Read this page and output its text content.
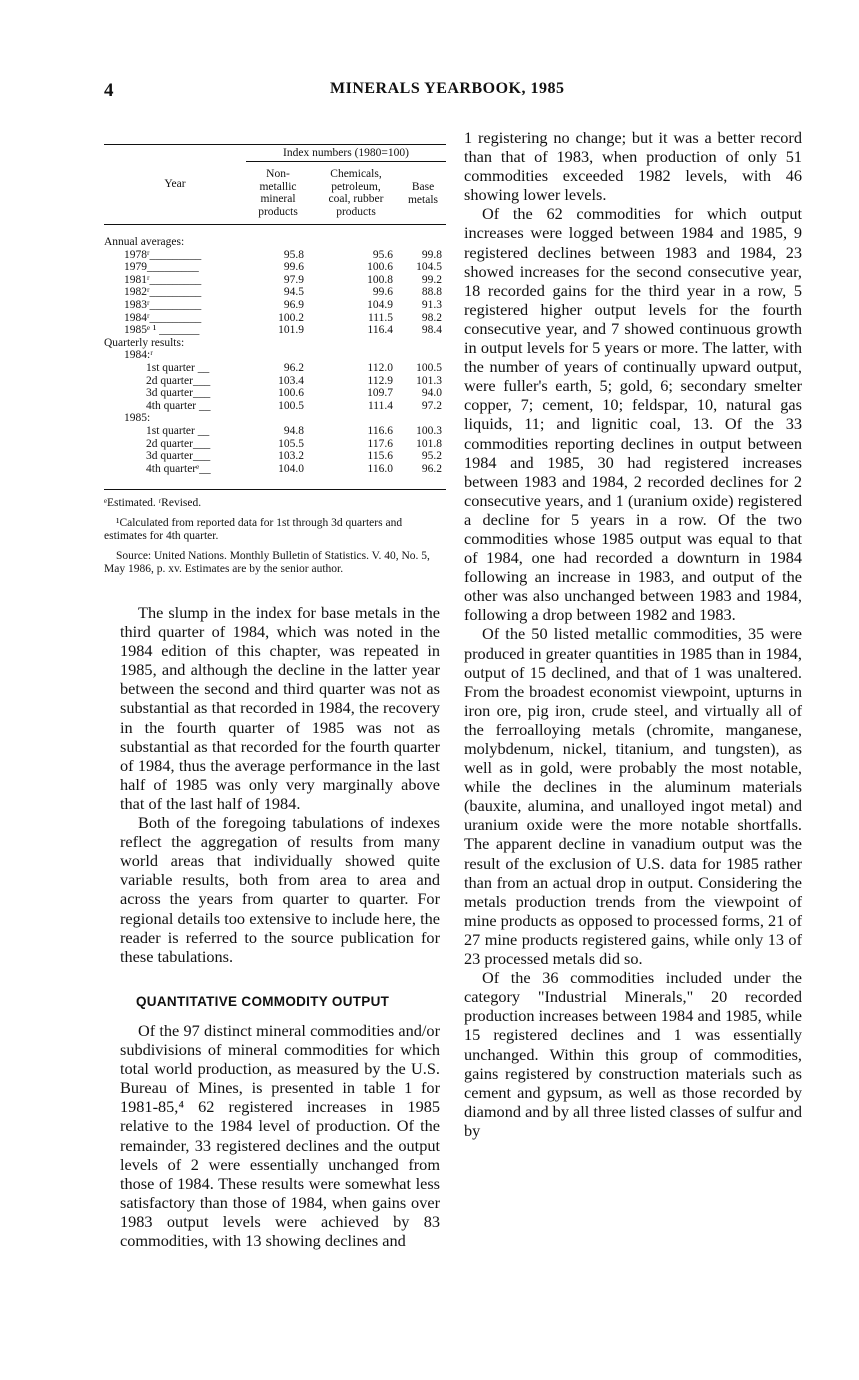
4	MINERALS YEARBOOK, 1985
Index numbers (1980=100)
Year
Non-
metallic
mineral
products
Chemicals,
petroleum,
coal, rubber
products
Base
metals
Annual averages:
1978ʳ_________	95.8	95.6	99.8
1979_________	99.6	100.6 104.5
1981ʳ_________	97.9	100.8	99.2
1982ʳ_________	94.5	99.6	88.8
1983ʳ_________	96.9	104.9	91.3
1984ʳ_________	100.2	111.5	98.2
1985ᵉ ¹ _______	101.9	116.4	98.4
Quarterly results:
1984:ʳ
1st quarter __	96.2	112.0 100.5
2d quarter___	103.4	112.9 101.3
3d quarter___	100.6	109.7	94.0
4th quarter __	100.5	111.4	97.2
1985:
1st quarter __	94.8	116.6 100.3
2d quarter___	105.5	117.6 101.8
3d quarter___	103.2	115.6	95.2
4th quarterᵉ__	104.0	116.0	96.2

ᵉEstimated. ʳRevised.

¹Calculated from reported data for 1st through 3d quarters and estimates for 4th quarter.

Source: United Nations. Monthly Bulletin of Statistics. V. 40, No. 5, May 1986, p. xv. Estimates are by the senior author.

The slump in the index for base metals in the third quarter of 1984, which was noted in the 1984 edition of this chapter, was repeated in 1985, and although the decline in the latter year between the second and third quarter was not as substantial as that recorded in 1984, the recovery in the fourth quarter of 1985 was not as substantial as that recorded for the fourth quarter of 1984, thus the average performance in the last half of 1985 was only very marginally above that of the last half of 1984.

Both of the foregoing tabulations of indexes reflect the aggregation of results from many world areas that individually showed quite variable results, both from area to area and across the years from quarter to quarter. For regional details too extensive to include here, the reader is referred to the source publication for these tabulations.

QUANTITATIVE COMMODITY OUTPUT

Of the 97 distinct mineral commodities and/or subdivisions of mineral commodities for which total world production, as measured by the U.S. Bureau of Mines, is presented in table 1 for 1981-85,⁴ 62 registered increases in 1985 relative to the 1984 level of production. Of the remainder, 33 registered declines and the output levels of 2 were essentially unchanged from those of 1984. These results were somewhat less satisfactory than those of 1984, when gains over 1983 output levels were achieved by 83 commodities, with 13 showing declines and

1 registering no change; but it was a better record than that of 1983, when production of only 51 commodities exceeded 1982 levels, with 46 showing lower levels.

Of the 62 commodities for which output increases were logged between 1984 and 1985, 9 registered declines between 1983 and 1984, 23 showed increases for the second consecutive year, 18 recorded gains for the third year in a row, 5 registered higher output levels for the fourth consecutive year, and 7 showed continuous growth in output levels for 5 years or more. The latter, with the number of years of continually upward output, were fuller's earth, 5; gold, 6; secondary smelter copper, 7; cement, 10; feldspar, 10, natural gas liquids, 11; and lignitic coal, 13. Of the 33 commodities reporting declines in output between 1984 and 1985, 30 had registered increases between 1983 and 1984, 2 recorded declines for 2 consecutive years, and 1 (uranium oxide) registered a decline for 5 years in a row. Of the two commodities whose 1985 output was equal to that of 1984, one had recorded a downturn in 1984 following an increase in 1983, and output of the other was also unchanged between 1983 and 1984, following a drop between 1982 and 1983.

Of the 50 listed metallic commodities, 35 were produced in greater quantities in 1985 than in 1984, output of 15 declined, and that of 1 was unaltered. From the broadest economist viewpoint, upturns in iron ore, pig iron, crude steel, and virtually all of the ferroalloying metals (chromite, manganese, molybdenum, nickel, titanium, and tungsten), as well as in gold, were probably the most notable, while the declines in the aluminum materials (bauxite, alumina, and unalloyed ingot metal) and uranium oxide were the more notable shortfalls. The apparent decline in vanadium output was the result of the exclusion of U.S. data for 1985 rather than from an actual drop in output. Considering the metals production trends from the viewpoint of mine products as opposed to processed forms, 21 of 27 mine products registered gains, while only 13 of 23 processed metals did so.

Of the 36 commodities included under the category "Industrial Minerals," 20 recorded production increases between 1984 and 1985, while 15 registered declines and 1 was essentially unchanged. Within this group of commodities, gains registered by construction materials such as cement and gypsum, as well as those recorded by diamond and by all three listed classes of sulfur and by
